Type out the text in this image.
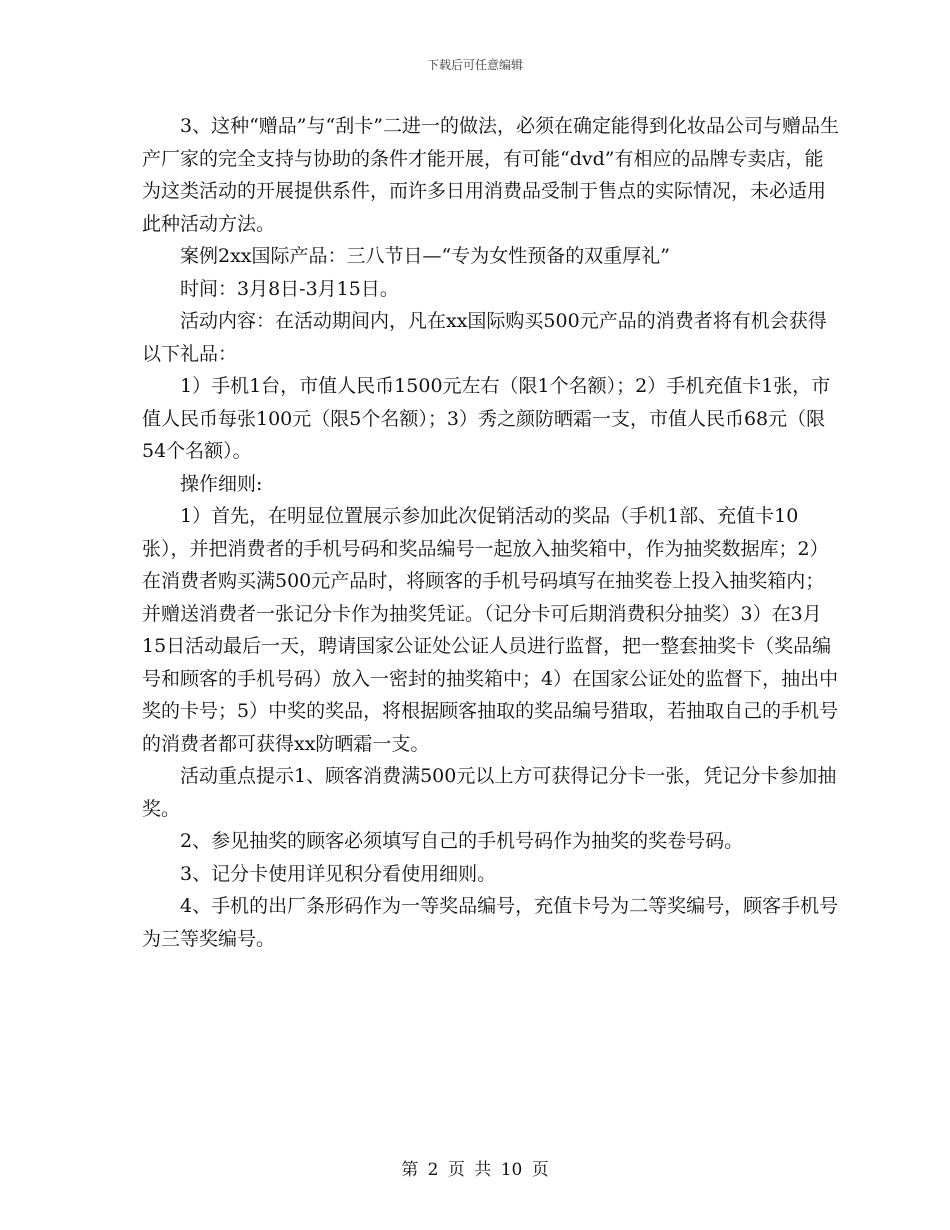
下载后可任意编辑

3、这种“赠品”与“刮卡”二进一的做法，必须在确定能得到化妆品公司与赠品生产厂家的完全支持与协助的条件才能开展，有可能“dvd”有相应的品牌专卖店，能为这类活动的开展提供系件，而许多日用消费品受制于售点的实际情况，未必适用此种活动方法。

案例2xx国际产品：三八节日—“专为女性预备的双重厚礼”

时间：3月8日-3月15日。

活动内容：在活动期间内，凡在xx国际购买500元产品的消费者将有机会获得以下礼品：

1）手机1台，市值人民币1500元左右（限1个名额）；2）手机充值卡1张，市值人民币每张100元（限5个名额）；3）秀之颜防晒霜一支，市值人民币68元（限54个名额）。

操作细则:

1）首先，在明显位置展示参加此次促销活动的奖品（手机1部、充值卡10张），并把消费者的手机号码和奖品编号一起放入抽奖箱中，作为抽奖数据库；2）在消费者购买满500元产品时，将顾客的手机号码填写在抽奖卷上投入抽奖箱内；并赠送消费者一张记分卡作为抽奖凭证。（记分卡可后期消费积分抽奖）3）在3月15日活动最后一天，聘请国家公证处公证人员进行监督，把一整套抽奖卡（奖品编号和顾客的手机号码）放入一密封的抽奖箱中；4）在国家公证处的监督下，抽出中奖的卡号；5）中奖的奖品，将根据顾客抽取的奖品编号猎取，若抽取自己的手机号的消费者都可获得xx防晒霜一支。

活动重点提示1、顾客消费满500元以上方可获得记分卡一张，凭记分卡参加抽奖。

2、参见抽奖的顾客必须填写自己的手机号码作为抽奖的奖卷号码。

3、记分卡使用详见积分看使用细则。

4、手机的出厂条形码作为一等奖品编号，充值卡号为二等奖编号，顾客手机号为三等奖编号。

第 2 页 共 10 页
